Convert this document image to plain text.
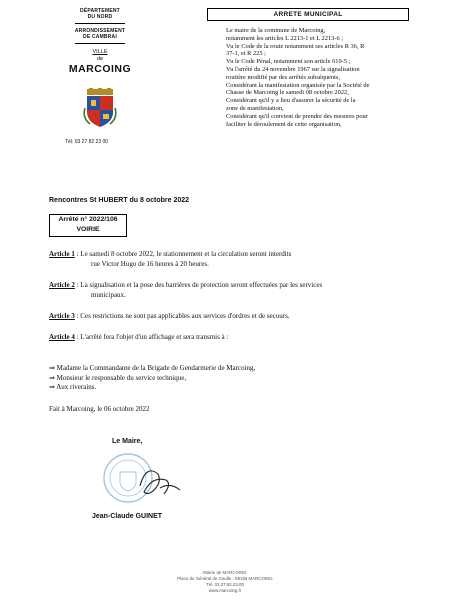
DÉPARTEMENT
DU NORD
ARRONDISSEMENT
DE CAMBRAI
VILLE
de
MARCOING
Tél: 03 27 82 23 00
ARRETE MUNICIPAL
Le maire de la commune de Marcoing,
notamment les articles L 2213-1 et L 2213-6 ;
Vu le Code de la route notamment ses articles R 36, R
37-1, et R 225 ;
Vu le Code Pénal, notamment son article 610-5 ;
Vu l'arrêté du 24 novembre 1967 sur la signalisation
routière modifié par des arrêtés subséquents,
Considérant la manifestation organisée par la Société de
Chasse de Marcoing le samedi 08 octobre 2022,
Considérant qu'il y a lieu d'assurer la sécurité de la
zone de manifestation,
Considérant qu'il convient de prendre des mesures pour
faciliter le déroulement de cette organisation,
Rencontres St HUBERT du 8 octobre 2022
Arrêté n° 2022/106
VOIRIE
Article 1 : Le samedi 8 octobre 2022, le stationnement et la circulation seront interdits
rue Victor Hugo de 16 heures à 20 heures.
Article 2 : La signalisation et la pose des barrières de protection seront effectuées par les services
municipaux.
Article 3 : Ces restrictions ne sont pas applicables aux services d'ordres et de secours.
Article 4 : L'arrêté fera l'objet d'un affichage et sera transmis à :
⇒ Madame la Commandante de la Brigade de Gendarmerie de Marcoing,
⇒ Monsieur le responsable du service technique,
⇒ Aux riverains.
Fait à Marcoing, le 06 octobre 2022
Le Maire,
Jean-Claude GUINET
Mairie de MARCOING
Place du Général de Gaulle - 59159 MARCOING
Tél. 03.27.82.23.00
www.marcoing.fr
